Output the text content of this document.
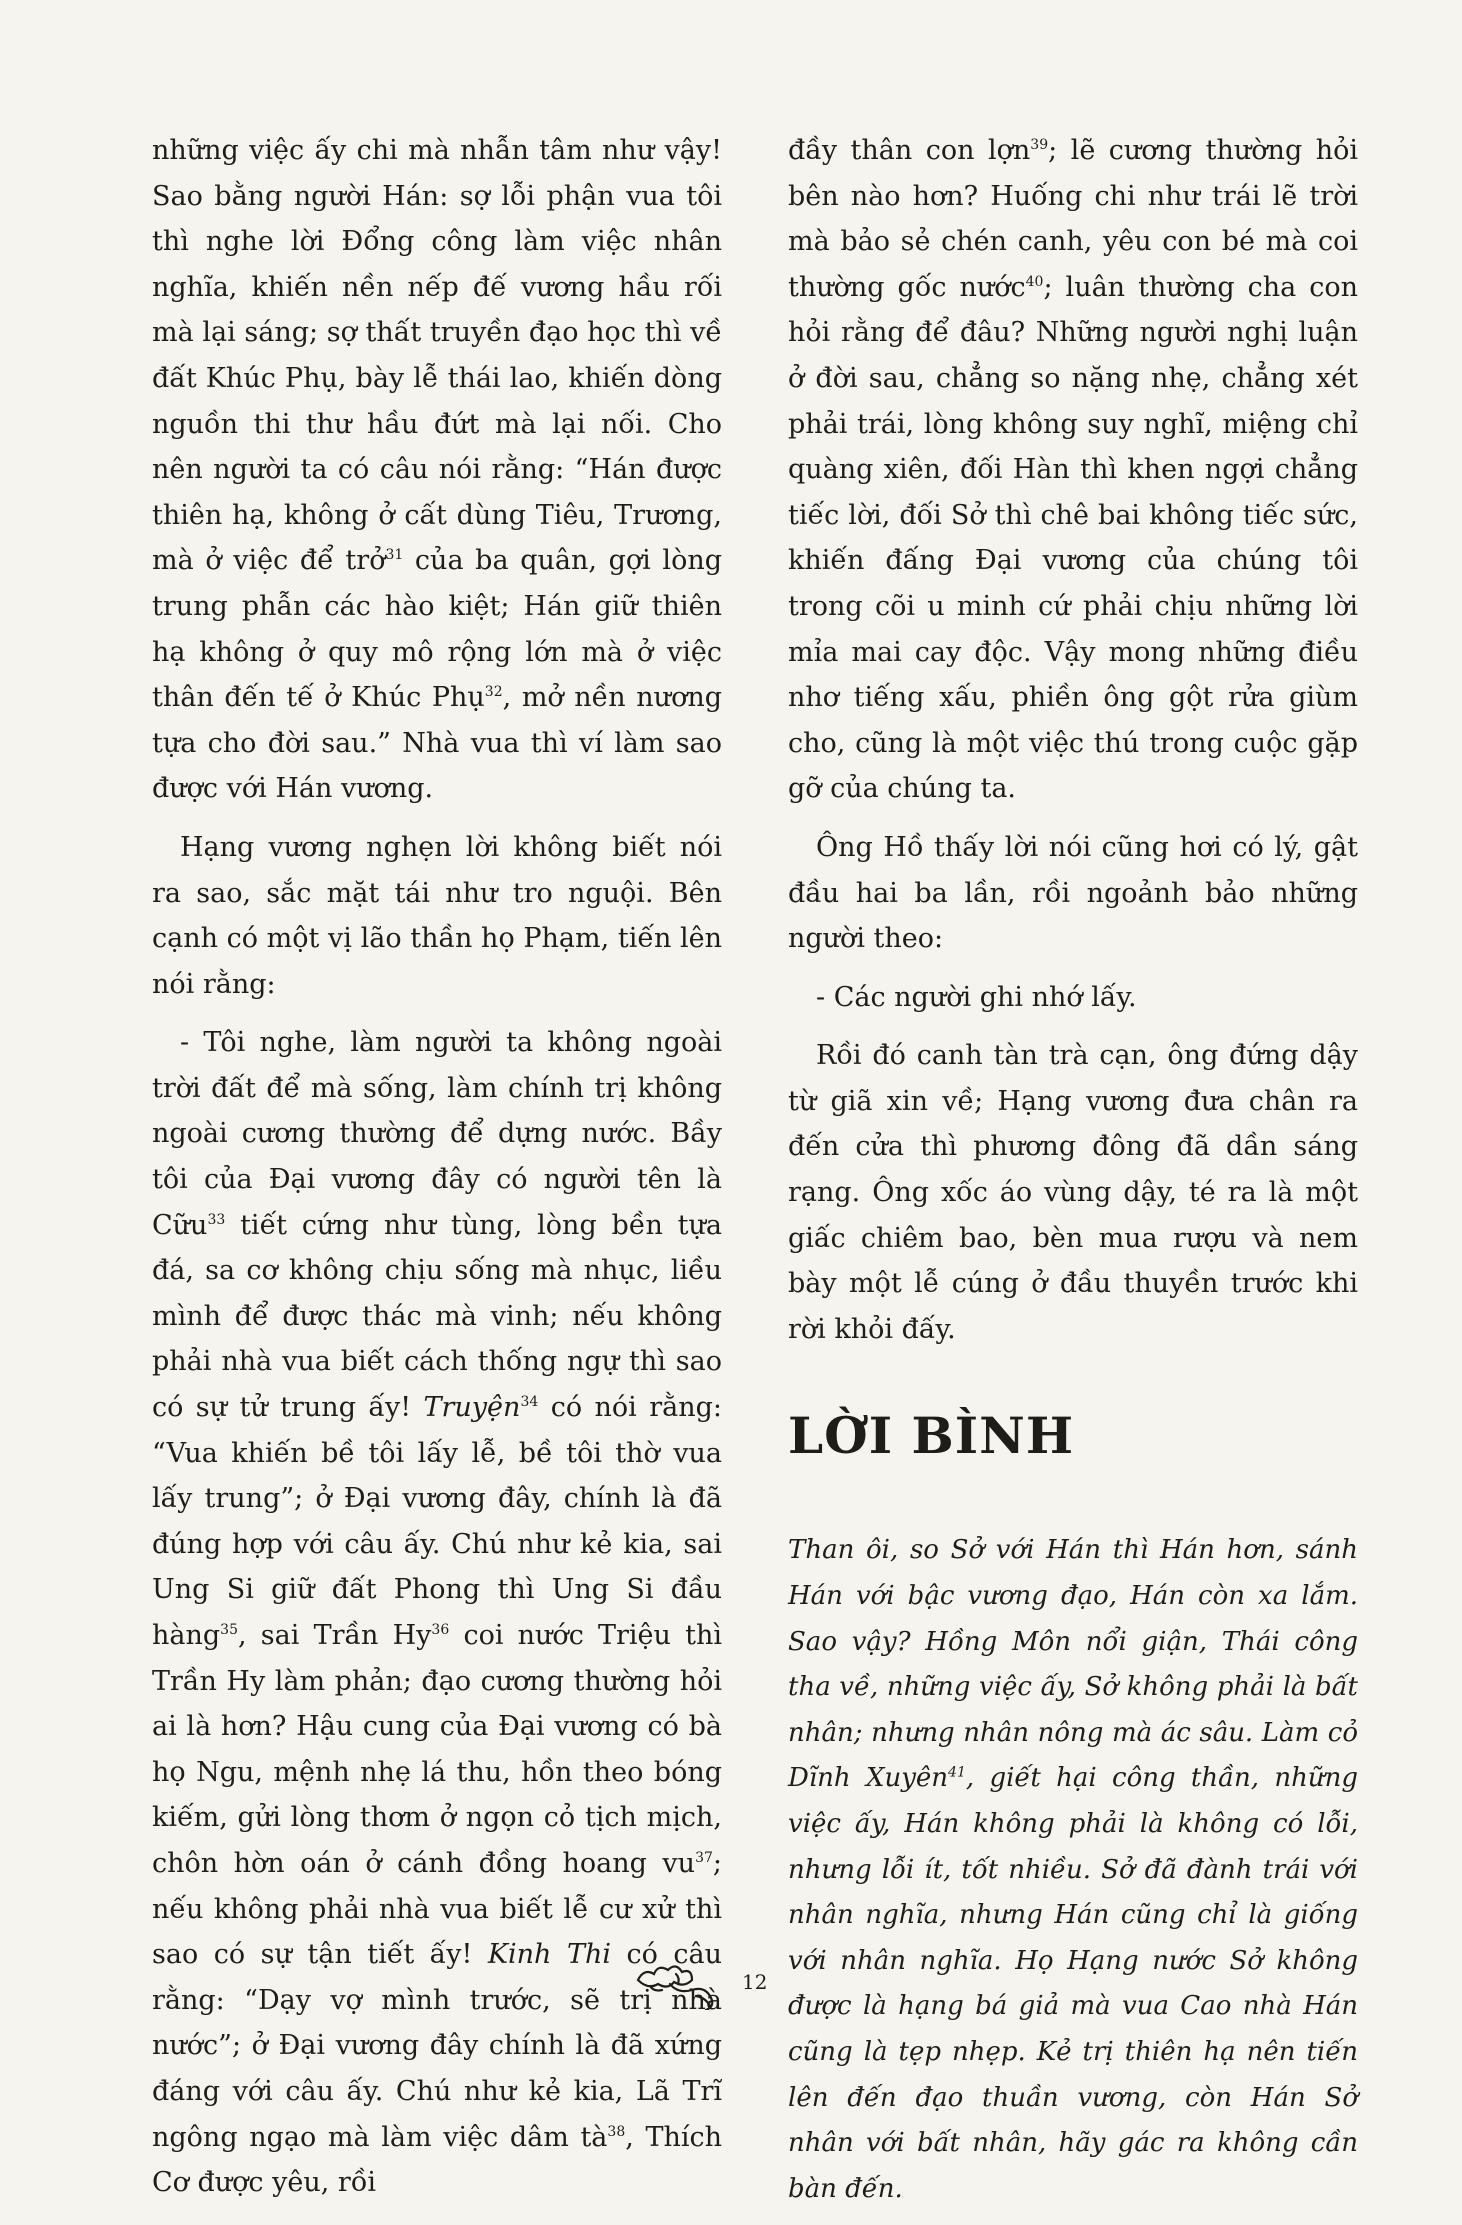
những việc ấy chi mà nhẫn tâm như vậy! Sao bằng người Hán: sợ lỗi phận vua tôi thì nghe lời Đổng công làm việc nhân nghĩa, khiến nền nếp đế vương hầu rối mà lại sáng; sợ thất truyền đạo học thì về đất Khúc Phụ, bày lễ thái lao, khiến dòng nguồn thi thư hầu đứt mà lại nối. Cho nên người ta có câu nói rằng: “Hán được thiên hạ, không ở cất dùng Tiêu, Trương, mà ở việc để trở$^{31}$ của ba quân, gợi lòng trung phẫn các hào kiệt; Hán giữ thiên hạ không ở quy mô rộng lớn mà ở việc thân đến tế ở Khúc Phụ$^{32}$, mở nền nương tựa cho đời sau.” Nhà vua thì ví làm sao được với Hán vương.

Hạng vương nghẹn lời không biết nói ra sao, sắc mặt tái như tro nguội. Bên cạnh có một vị lão thần họ Phạm, tiến lên nói rằng:

- Tôi nghe, làm người ta không ngoài trời đất để mà sống, làm chính trị không ngoài cương thường để dựng nước. Bầy tôi của Đại vương đây có người tên là Cữu$^{33}$ tiết cứng như tùng, lòng bền tựa đá, sa cơ không chịu sống mà nhục, liều mình để được thác mà vinh; nếu không phải nhà vua biết cách thống ngự thì sao có sự tử trung ấy! Truyện$^{34}$ có nói rằng: “Vua khiến bề tôi lấy lễ, bề tôi thờ vua lấy trung”; ở Đại vương đây, chính là đã đúng hợp với câu ấy. Chú như kẻ kia, sai Ung Si giữ đất Phong thì Ung Si đầu hàng$^{35}$, sai Trần Hy$^{36}$ coi nước Triệu thì Trần Hy làm phản; đạo cương thường hỏi ai là hơn? Hậu cung của Đại vương có bà họ Ngu, mệnh nhẹ lá thu, hồn theo bóng kiếm, gửi lòng thơm ở ngọn cỏ tịch mịch, chôn hờn oán ở cánh đồng hoang $vu^{37}$; nếu không phải nhà vua biết lễ cư xử thì sao có sự tận tiết ấy! Kinh Thi có câu rằng: “Dạy vợ mình trước, sẽ trị nhà nước”; ở Đại vương đây chính là đã xứng đáng với câu ấy. Chú như kẻ kia, Lã Trĩ ngông ngạo mà làm việc dâm $tà^{38}$, Thích Cơ được yêu, rồi

đầy thân con lợn$^{39}$; lẽ cương thường hỏi bên nào hơn? Huống chi như trái lẽ trời mà bảo sẻ chén canh, yêu con bé mà coi thường gốc nước$^{40}$; luân thường cha con hỏi rằng để đâu? Những người nghị luận ở đời sau, chẳng so nặng nhẹ, chẳng xét phải trái, lòng không suy nghĩ, miệng chỉ quàng xiên, đối Hàn thì khen ngợi chẳng tiếc lời, đối Sở thì chê bai không tiếc sức, khiến đấng Đại vương của chúng tôi trong cõi u minh cứ phải chịu những lời mỉa mai cay độc. Vậy mong những điều nhơ tiếng xấu, phiền ông gột rửa giùm cho, cũng là một việc thú trong cuộc gặp gỡ của chúng ta.

Ông Hồ thấy lời nói cũng hơi có lý, gật đầu hai ba lần, rồi ngoảnh bảo những người theo:

- Các người ghi nhớ lấy.

Rồi đó canh tàn trà cạn, ông đứng dậy từ giã xin về; Hạng vương đưa chân ra đến cửa thì phương đông đã dần sáng rạng. Ông xốc áo vùng dậy, té ra là một giấc chiêm bao, bèn mua rượu và nem bày một lễ cúng ở đầu thuyền trước khi rời khỏi đấy.

LỜI BÌNH

Than ôi, so Sở với Hán thì Hán hơn, sánh Hán với bậc vương đạo, Hán còn xa lắm. Sao vậy? Hồng Môn nổi giận, Thái công tha về, những việc ấy, Sở không phải là bất nhân; nhưng nhân nông mà ác sâu. Làm cỏ Dĩnh Xuyên$^{41}$, giết hại công thần, những việc ấy, Hán không phải là không có lỗi, nhưng lỗi ít, tốt nhiều. Sở đã đành trái với nhân nghĩa, nhưng Hán cũng chỉ là giống với nhân nghĩa. Họ Hạng nước Sở không được là hạng bá giả mà vua Cao nhà Hán cũng là tẹp nhẹp. Kẻ trị thiên hạ nên tiến lên đến đạo thuần vương, còn Hán Sở nhân với bất nhân, hãy gác ra không cần bàn đến.

12
